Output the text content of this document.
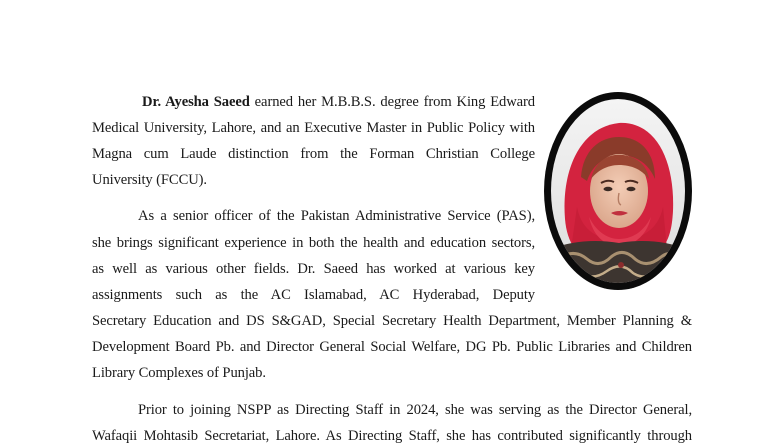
Dr. Ayesha Saeed earned her M.B.B.S. degree from King Edward
Medical University, Lahore, and an Executive Master in Public Policy with
Magna cum Laude distinction from the Forman Christian College
University (FCCU).
As a senior officer of the Pakistan Administrative Service (PAS),
she brings significant experience in both the health and education sectors,
as well as various other fields. Dr. Saeed has worked at various key
assignments such as the AC Islamabad, AC Hyderabad, Deputy
Secretary Education and DS S&GAD, Special Secretary Health Department, Member Planning &
Development Board Pb. and Director General Social Welfare, DG Pb. Public Libraries and Children
Library Complexes of Punjab.
Prior to joining NSPP as Directing Staff in 2024, she was serving as the Director General,
Wafaqii Mohtasib Secretariat, Lahore. As Directing Staff, she has contributed significantly through
